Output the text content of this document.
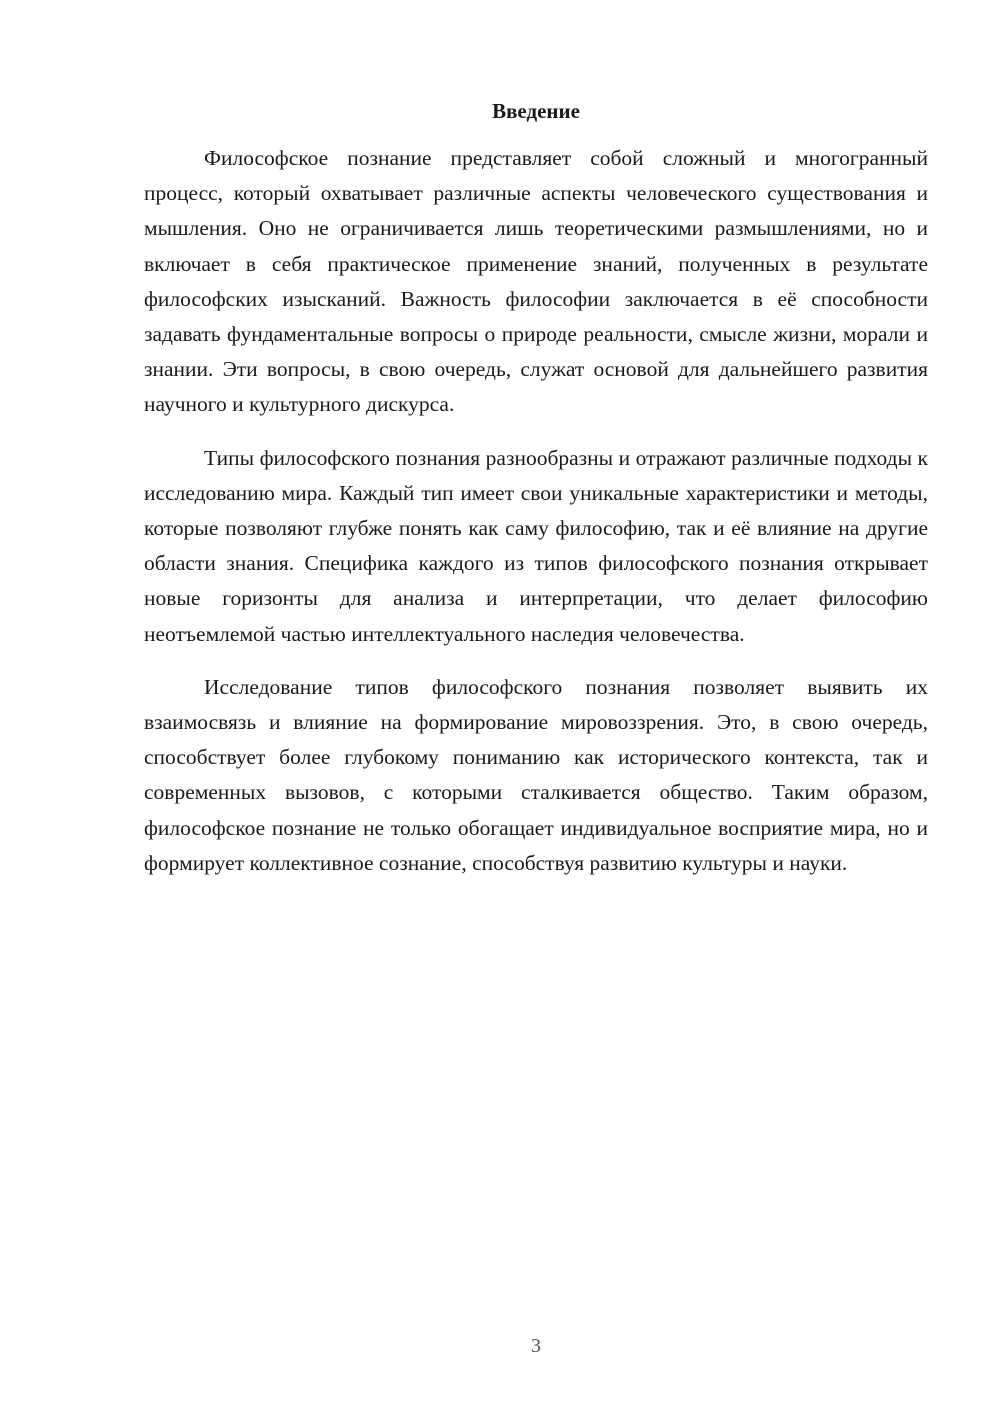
Введение

Философское познание представляет собой сложный и многогранный процесс, который охватывает различные аспекты человеческого существования и мышления. Оно не ограничивается лишь теоретическими размышлениями, но и включает в себя практическое применение знаний, полученных в результате философских изысканий. Важность философии заключается в её способности задавать фундаментальные вопросы о природе реальности, смысле жизни, морали и знании. Эти вопросы, в свою очередь, служат основой для дальнейшего развития научного и культурного дискурса.

Типы философского познания разнообразны и отражают различные подходы к исследованию мира. Каждый тип имеет свои уникальные характеристики и методы, которые позволяют глубже понять как саму философию, так и её влияние на другие области знания. Специфика каждого из типов философского познания открывает новые горизонты для анализа и интерпретации, что делает философию неотъемлемой частью интеллектуального наследия человечества.

Исследование типов философского познания позволяет выявить их взаимосвязь и влияние на формирование мировоззрения. Это, в свою очередь, способствует более глубокому пониманию как исторического контекста, так и современных вызовов, с которыми сталкивается общество. Таким образом, философское познание не только обогащает индивидуальное восприятие мира, но и формирует коллективное сознание, способствуя развитию культуры и науки.

3
